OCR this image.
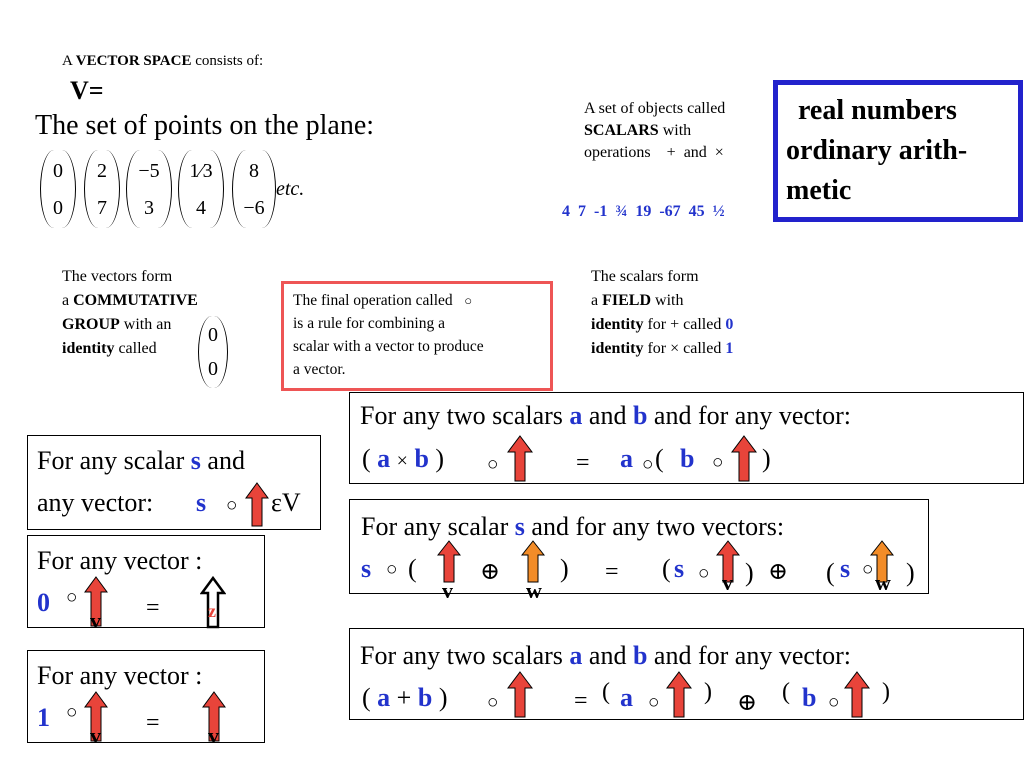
A VECTOR SPACE consists of:
V=
The set of points on the plane:
0
0
2
7
−5
3
1⁄3
4
8
−6
etc.
A set of objects called
SCALARS with
operations + and ×
4  7  -1  ¾  19  -67  45  ½
real numbers
ordinary arith-
metic
The vectors form
a COMMUTATIVE
GROUP with an
identity called
0
0
The final operation called ○
is a rule for combining a
scalar with a vector to produce
a vector.
The scalars form
a FIELD with
identity for + called 0
identity for × called 1
For any two scalars a and b and for any vector:
( a × b ) ○	= a ○ ( b ○ )
For any scalar s and
any vector: s ○ εV
For any scalar s and for any two vectors:
s ○ (
v
⊕
w
) = ( s ○ v ) ⊕ ( s ○
w )
For any vector :
0 ○
v =	z
For any two scalars a and b and for any vector:
( a + b ) ○	= ( a ○ ) ⊕ ( b ○ )
For any vector :
1 ○
v = v
